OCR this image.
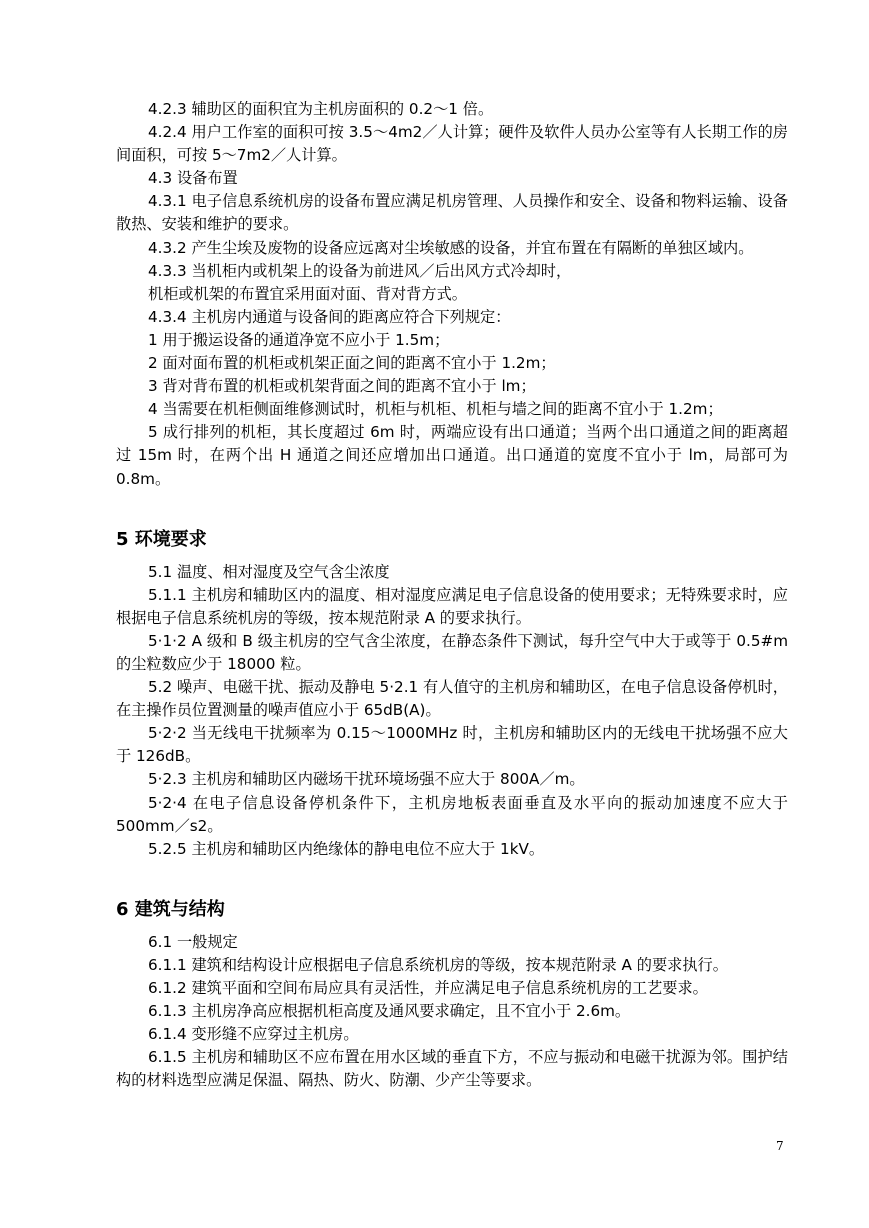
4.2.3 辅助区的面积宜为主机房面积的 0.2～1 倍。

4.2.4 用户工作室的面积可按 3.5～4m2／人计算；硬件及软件人员办公室等有人长期工作的房间面积，可按 5～7m2／人计算。

4.3 设备布置

4.3.1 电子信息系统机房的设备布置应满足机房管理、人员操作和安全、设备和物料运输、设备散热、安装和维护的要求。

4.3.2 产生尘埃及废物的设备应远离对尘埃敏感的设备，并宜布置在有隔断的单独区域内。

4.3.3 当机柜内或机架上的设备为前进风／后出风方式冷却时，

机柜或机架的布置宜采用面对面、背对背方式。

4.3.4 主机房内通道与设备间的距离应符合下列规定：

1 用于搬运设备的通道净宽不应小于 1.5m；

2 面对面布置的机柜或机架正面之间的距离不宜小于 1.2m；

3 背对背布置的机柜或机架背面之间的距离不宜小于 lm；

4 当需要在机柜侧面维修测试时，机柜与机柜、机柜与墙之间的距离不宜小于 1.2m；

5 成行排列的机柜，其长度超过 6m 时，两端应设有出口通道；当两个出口通道之间的距离超过 15m 时，在两个出 H 通道之间还应增加出口通道。出口通道的宽度不宜小于 lm，局部可为 0.8m。

5 环境要求

5.1 温度、相对湿度及空气含尘浓度

5.1.1 主机房和辅助区内的温度、相对湿度应满足电子信息设备的使用要求；无特殊要求时，应根据电子信息系统机房的等级，按本规范附录 A 的要求执行。

5·1·2 A 级和 B 级主机房的空气含尘浓度，在静态条件下测试，每升空气中大于或等于 0.5#m 的尘粒数应少于 18000 粒。

5.2 噪声、电磁干扰、振动及静电 5·2.1 有人值守的主机房和辅助区，在电子信息设备停机时，在主操作员位置测量的噪声值应小于 65dB(A)。

5·2·2 当无线电干扰频率为 0.15～1000MHz 时，主机房和辅助区内的无线电干扰场强不应大于 126dB。

5·2.3 主机房和辅助区内磁场干扰环境场强不应大于 800A／m。

5·2·4 在电子信息设备停机条件下，主机房地板表面垂直及水平向的振动加速度不应大于 500mm／s2。

5.2.5 主机房和辅助区内绝缘体的静电电位不应大于 1kV。

6 建筑与结构

6.1 一般规定

6.1.1 建筑和结构设计应根据电子信息系统机房的等级，按本规范附录 A 的要求执行。

6.1.2 建筑平面和空间布局应具有灵活性，并应满足电子信息系统机房的工艺要求。

6.1.3 主机房净高应根据机柜高度及通风要求确定，且不宜小于 2.6m。

6.1.4 变形缝不应穿过主机房。

6.1.5 主机房和辅助区不应布置在用水区域的垂直下方，不应与振动和电磁干扰源为邻。围护结构的材料选型应满足保温、隔热、防火、防潮、少产尘等要求。

7
